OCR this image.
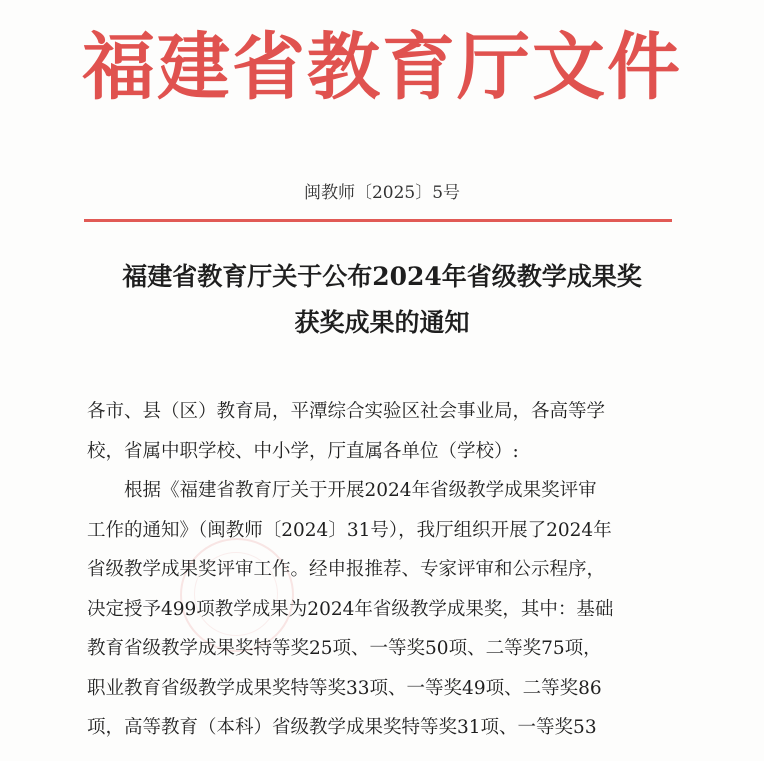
福建省教育厅文件
闽教师〔2025〕5号
福建省教育厅关于公布2024年省级教学成果奖
获奖成果的通知
各市、县（区）教育局，平潭综合实验区社会事业局，各高等学
校，省属中职学校、中小学，厅直属各单位（学校）:
　　根据《福建省教育厅关于开展2024年省级教学成果奖评审
工作的通知》（闽教师〔2024〕31号），我厅组织开展了2024年
省级教学成果奖评审工作。经申报推荐、专家评审和公示程序，
决定授予499项教学成果为2024年省级教学成果奖，其中：基础
教育省级教学成果奖特等奖25项、一等奖50项、二等奖75项，
职业教育省级教学成果奖特等奖33项、一等奖49项、二等奖86
项，高等教育（本科）省级教学成果奖特等奖31项、一等奖53
